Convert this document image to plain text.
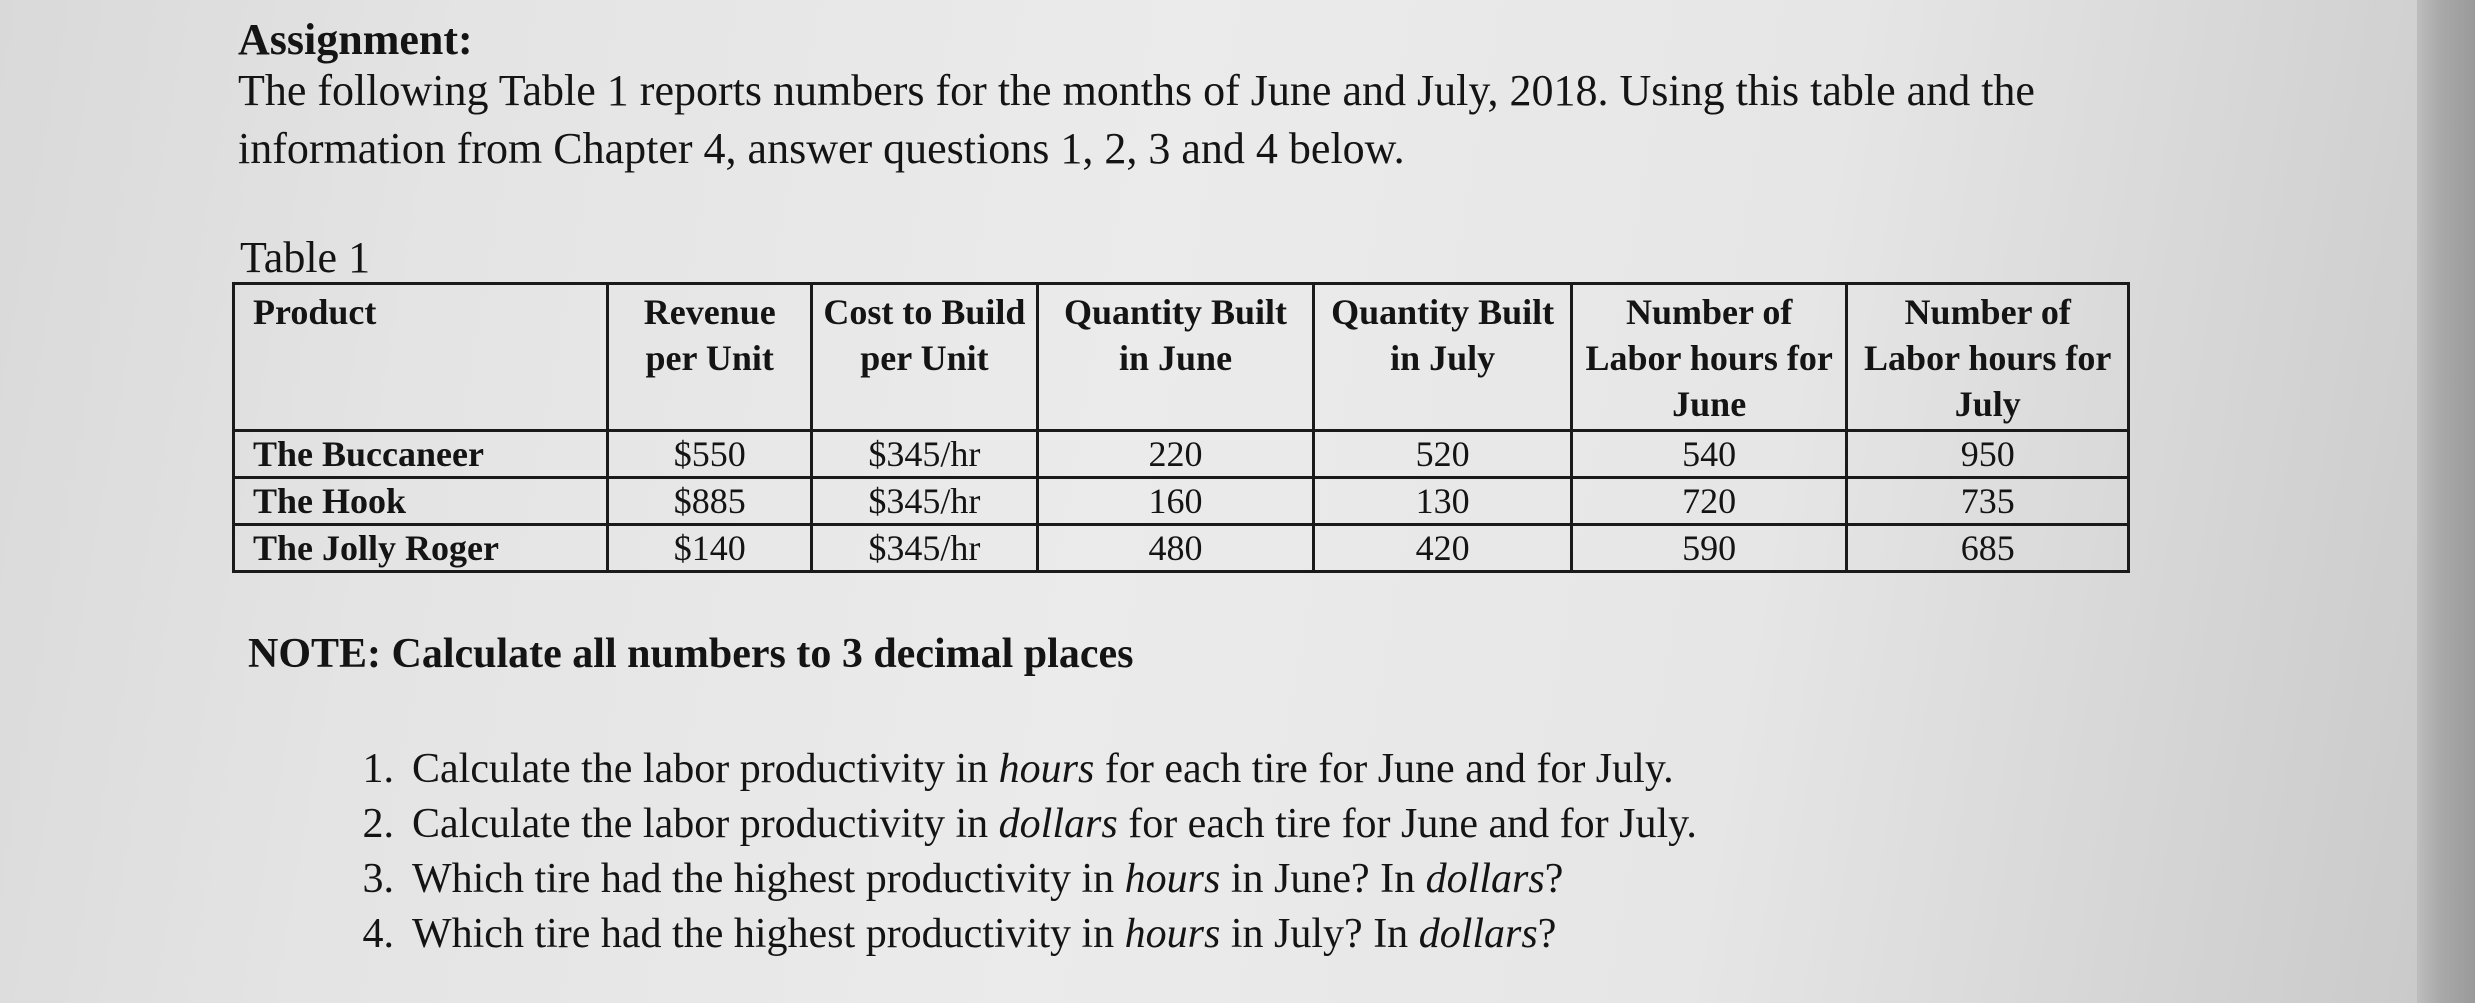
Assignment:
The following Table 1 reports numbers for the months of June and July, 2018. Using this table and the information from Chapter 4, answer questions 1, 2, 3 and 4 below.
Table 1
Product	Revenue per Unit	Cost to Build per Unit	Quantity Built in June	Quantity Built in July	Number of Labor hours for June	Number of Labor hours for July
The Buccaneer	$550	$345/hr	220	520	540	950
The Hook	$885	$345/hr	160	130	720	735
The Jolly Roger	$140	$345/hr	480	420	590	685
NOTE: Calculate all numbers to 3 decimal places
1. Calculate the labor productivity in hours for each tire for June and for July.
2. Calculate the labor productivity in dollars for each tire for June and for July.
3. Which tire had the highest productivity in hours in June? In dollars?
4. Which tire had the highest productivity in hours in July? In dollars?
